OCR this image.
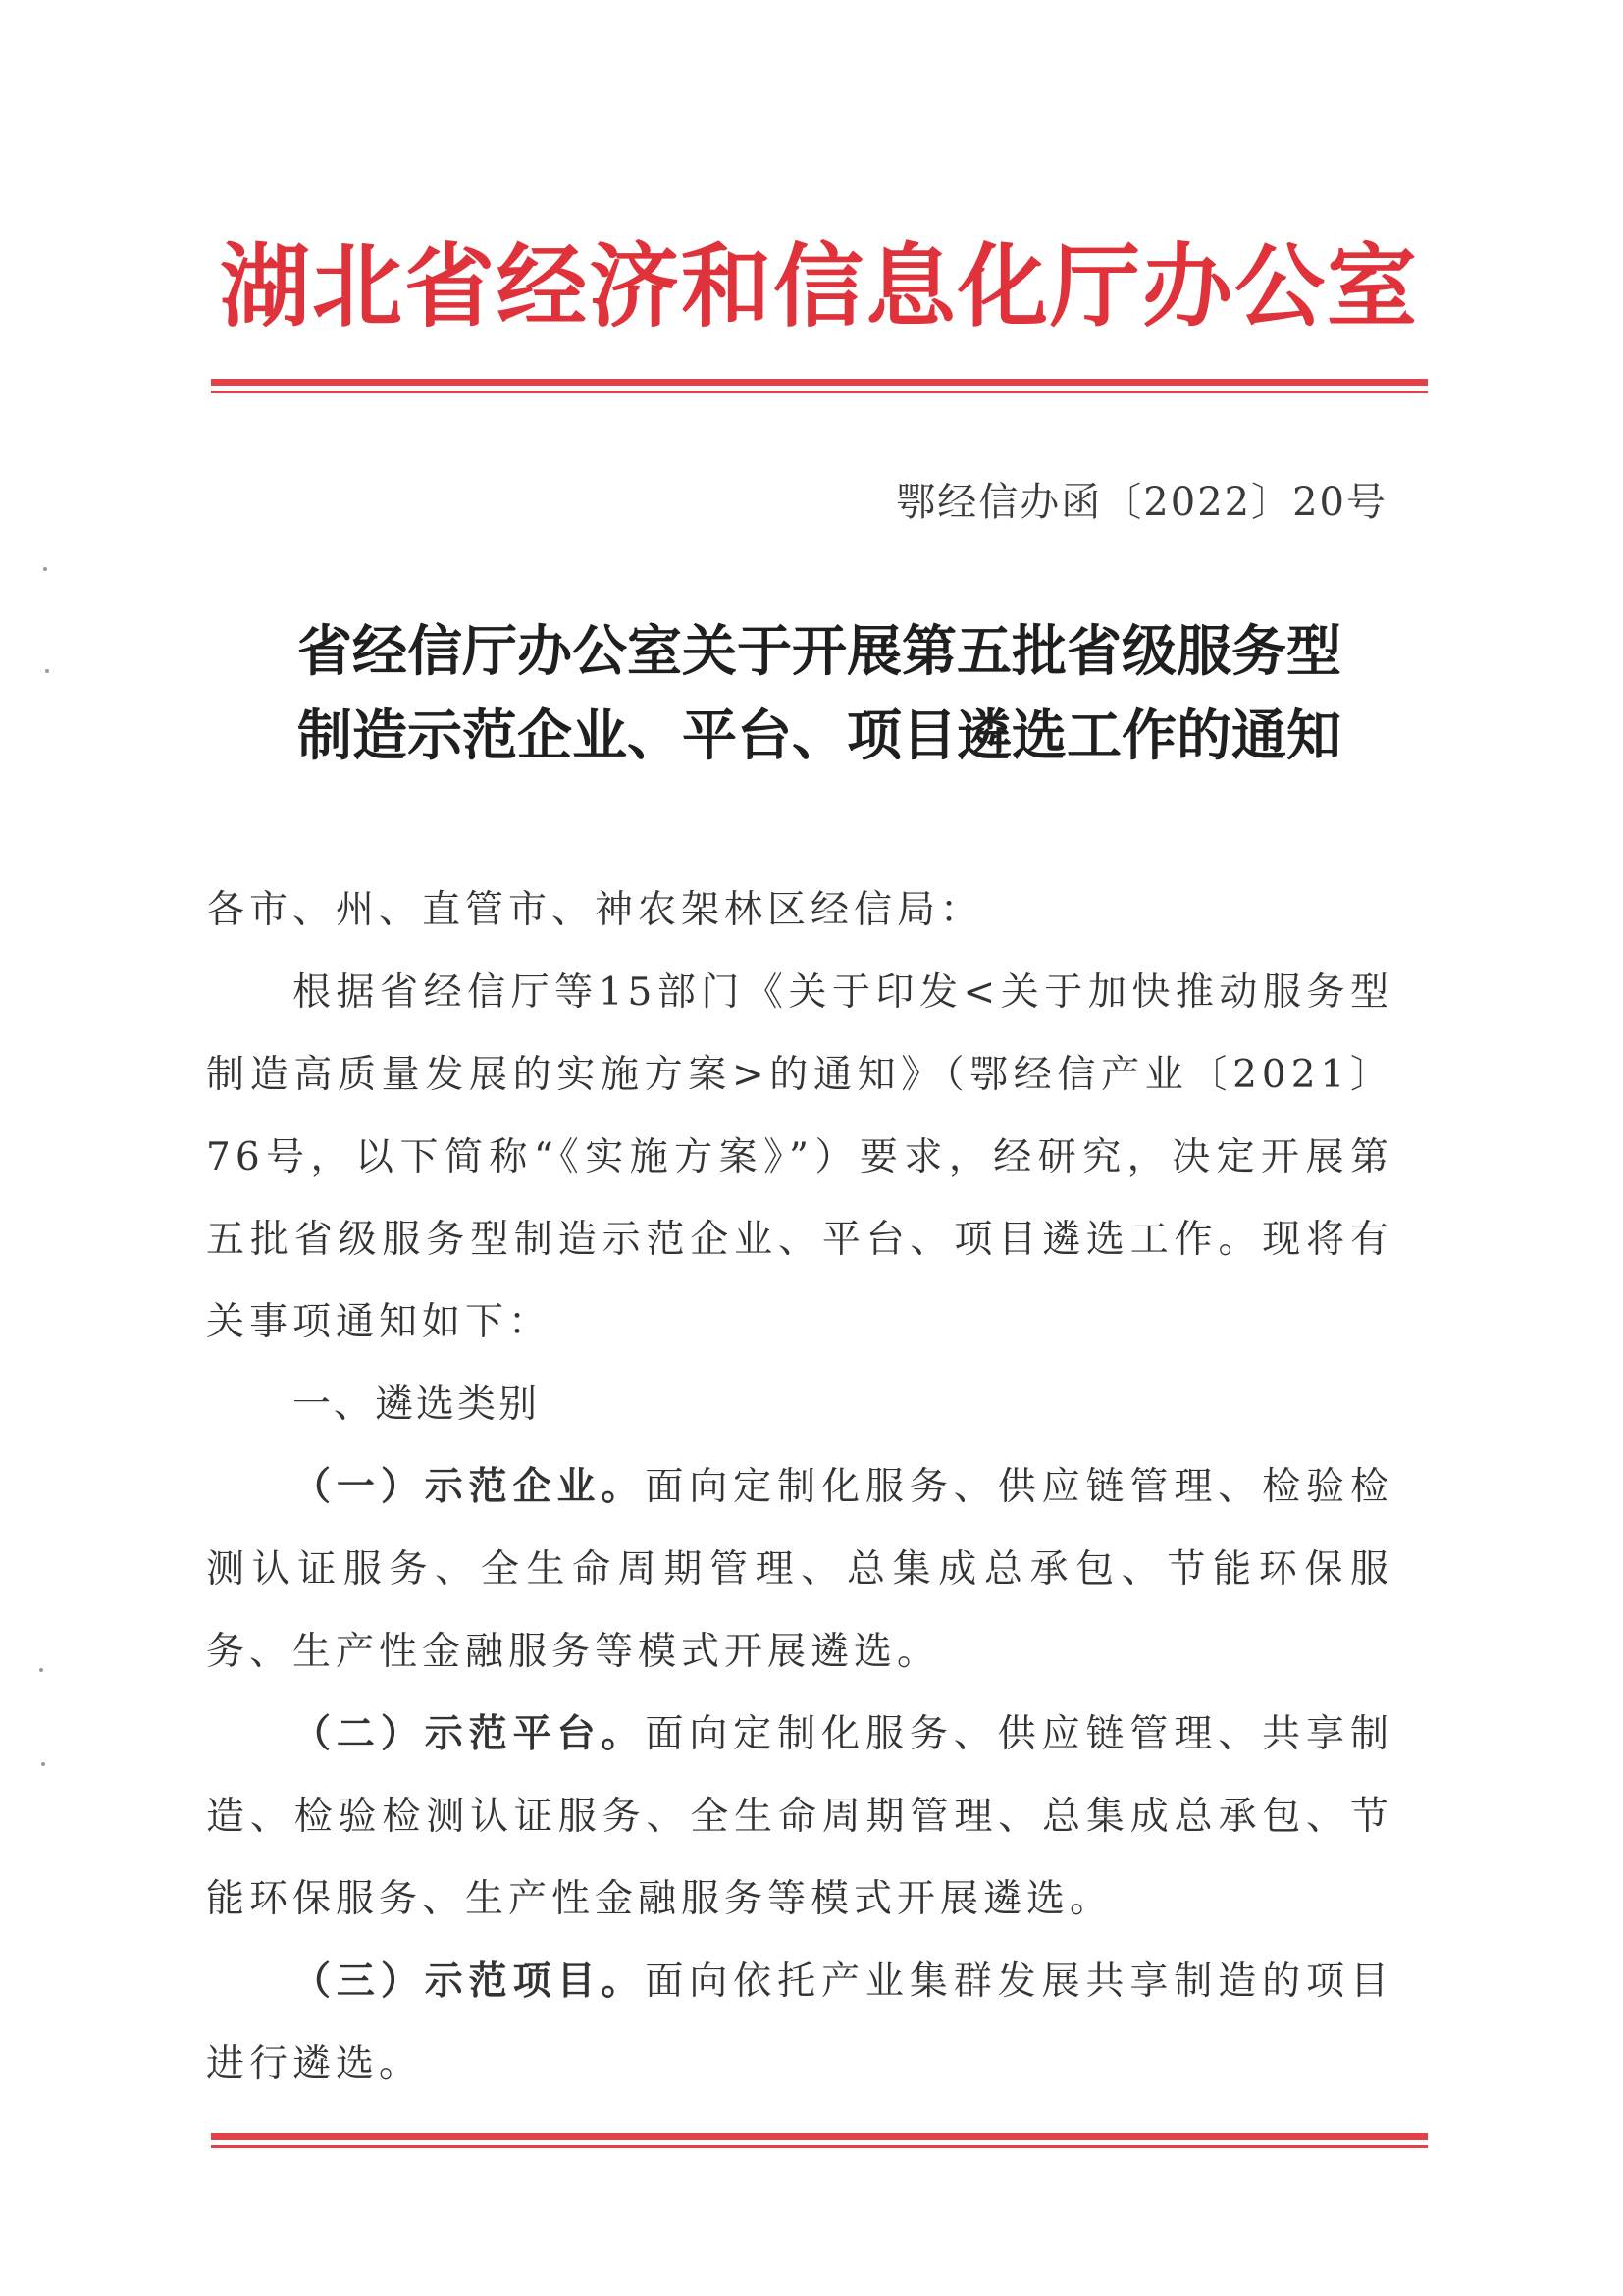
湖北省经济和信息化厅办公室
鄂经信办函〔2022〕20号
省经信厅办公室关于开展第五批省级服务型
制造示范企业、平台、项目遴选工作的通知

各市、州、直管市、神农架林区经信局：

根据省经信厅等15部门《关于印发<关于加快推动服务型制造高质量发展的实施方案>的通知》（鄂经信产业〔2021〕76号，以下简称“《实施方案》”）要求，经研究，决定开展第五批省级服务型制造示范企业、平台、项目遴选工作。现将有关事项通知如下：

一、遴选类别

（一）示范企业。面向定制化服务、供应链管理、检验检测认证服务、全生命周期管理、总集成总承包、节能环保服务、生产性金融服务等模式开展遴选。

（二）示范平台。面向定制化服务、供应链管理、共享制造、检验检测认证服务、全生命周期管理、总集成总承包、节能环保服务、生产性金融服务等模式开展遴选。

（三）示范项目。面向依托产业集群发展共享制造的项目进行遴选。
